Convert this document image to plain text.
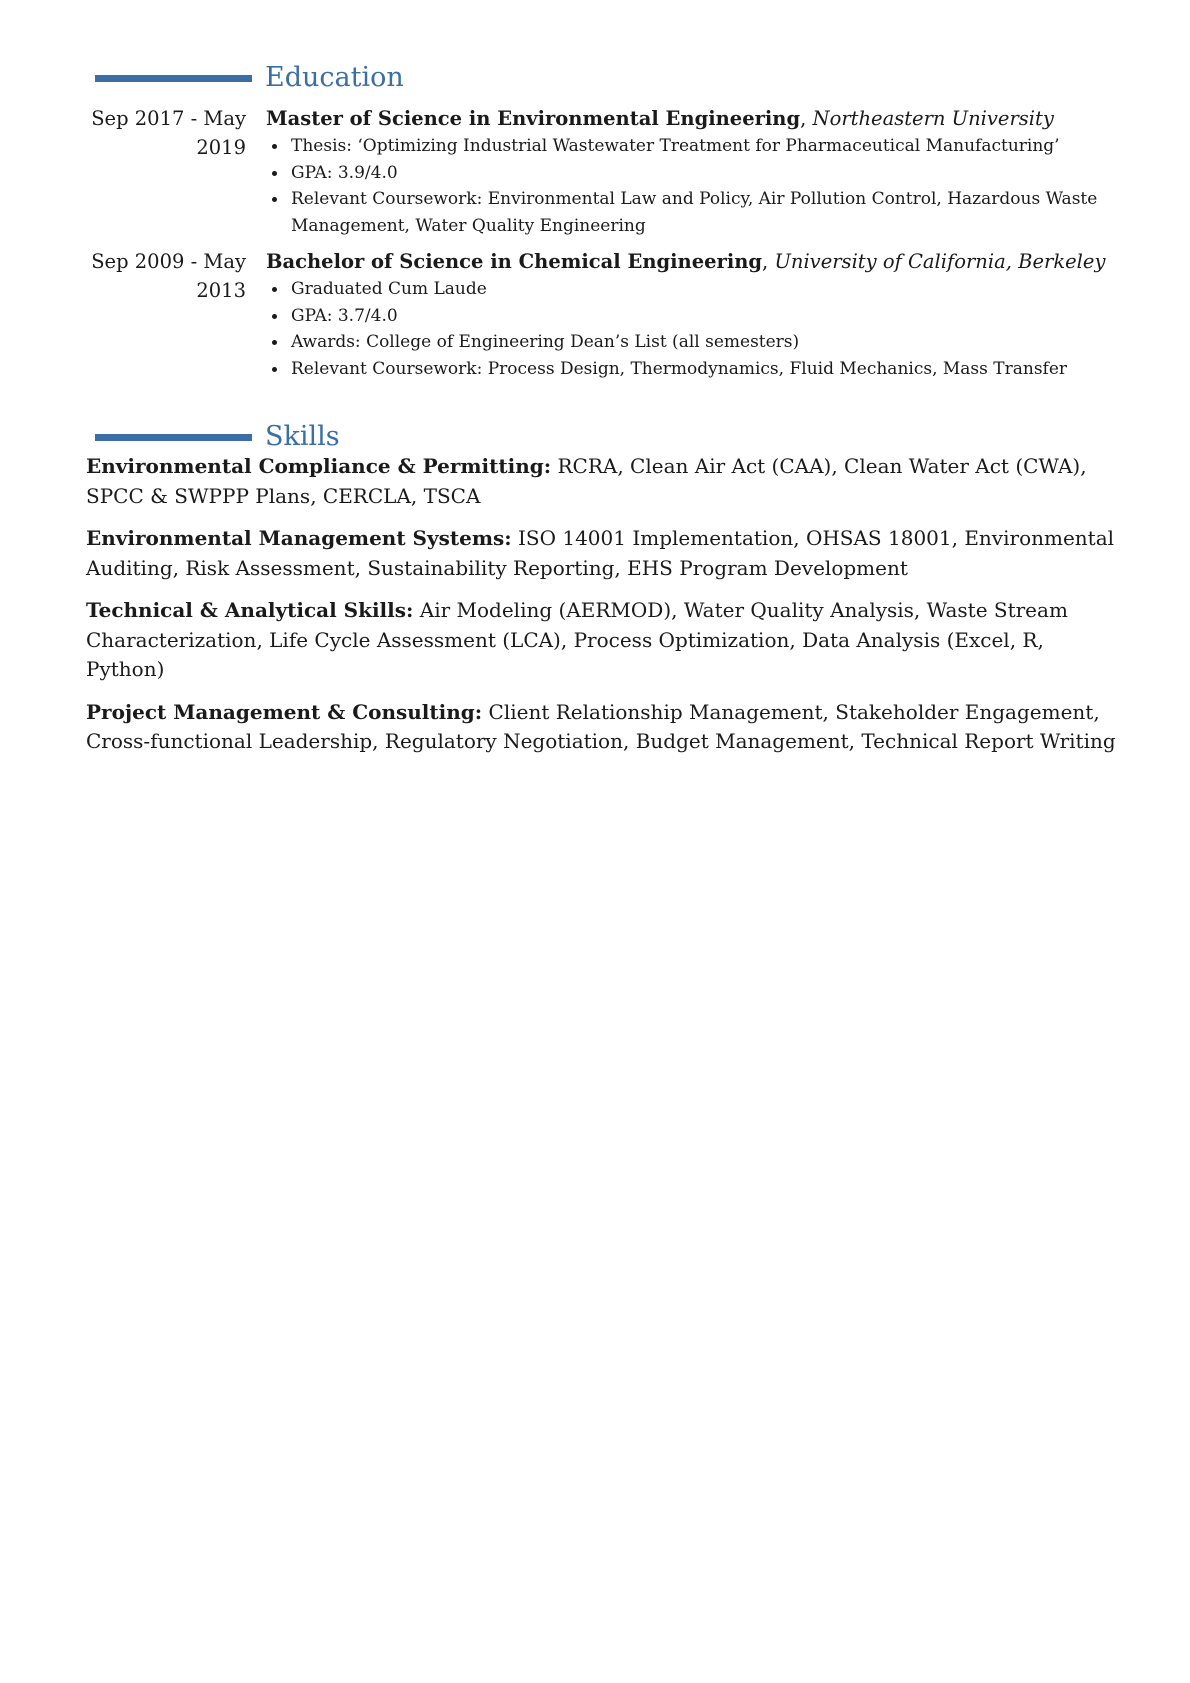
Education
Sep 2017 - May 2019
Master of Science in Environmental Engineering, Northeastern University
Thesis: ‘Optimizing Industrial Wastewater Treatment for Pharmaceutical Manufacturing’
GPA: 3.9/4.0
Relevant Coursework: Environmental Law and Policy, Air Pollution Control, Hazardous Waste Management, Water Quality Engineering
Sep 2009 - May 2013
Bachelor of Science in Chemical Engineering, University of California, Berkeley
Graduated Cum Laude
GPA: 3.7/4.0
Awards: College of Engineering Dean’s List (all semesters)
Relevant Coursework: Process Design, Thermodynamics, Fluid Mechanics, Mass Transfer
Skills
Environmental Compliance & Permitting: RCRA, Clean Air Act (CAA), Clean Water Act (CWA), SPCC & SWPPP Plans, CERCLA, TSCA
Environmental Management Systems: ISO 14001 Implementation, OHSAS 18001, Environmental Auditing, Risk Assessment, Sustainability Reporting, EHS Program Development
Technical & Analytical Skills: Air Modeling (AERMOD), Water Quality Analysis, Waste Stream Characterization, Life Cycle Assessment (LCA), Process Optimization, Data Analysis (Excel, R, Python)
Project Management & Consulting: Client Relationship Management, Stakeholder Engagement, Cross-functional Leadership, Regulatory Negotiation, Budget Management, Technical Report Writing
